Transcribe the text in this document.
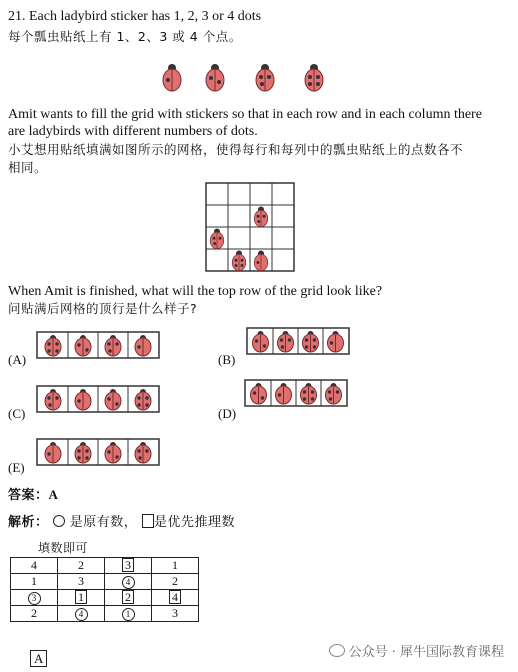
21. Each ladybird sticker has 1, 2, 3 or 4 dots
每个瓢虫贴纸上有 1、2、3 或 4 个点。
Amit wants to fill the grid with stickers so that in each row and in each column there
are ladybirds with different numbers of dots.
小艾想用贴纸填满如图所示的网格，使得每行和每列中的瓢虫贴纸上的点数各不
相同。
When Amit is finished, what will the top row of the grid look like?
问贴满后网格的顶行是什么样子?
(A)	(B)
(C)	(D)
(E)
答案：A
解析： 是原有数， 是优先推理数
填数即可
4	2	3	1
1	3	4	2
3	1	2	4
2	4	1	3
公众号 · 犀牛国际教育课程
A
